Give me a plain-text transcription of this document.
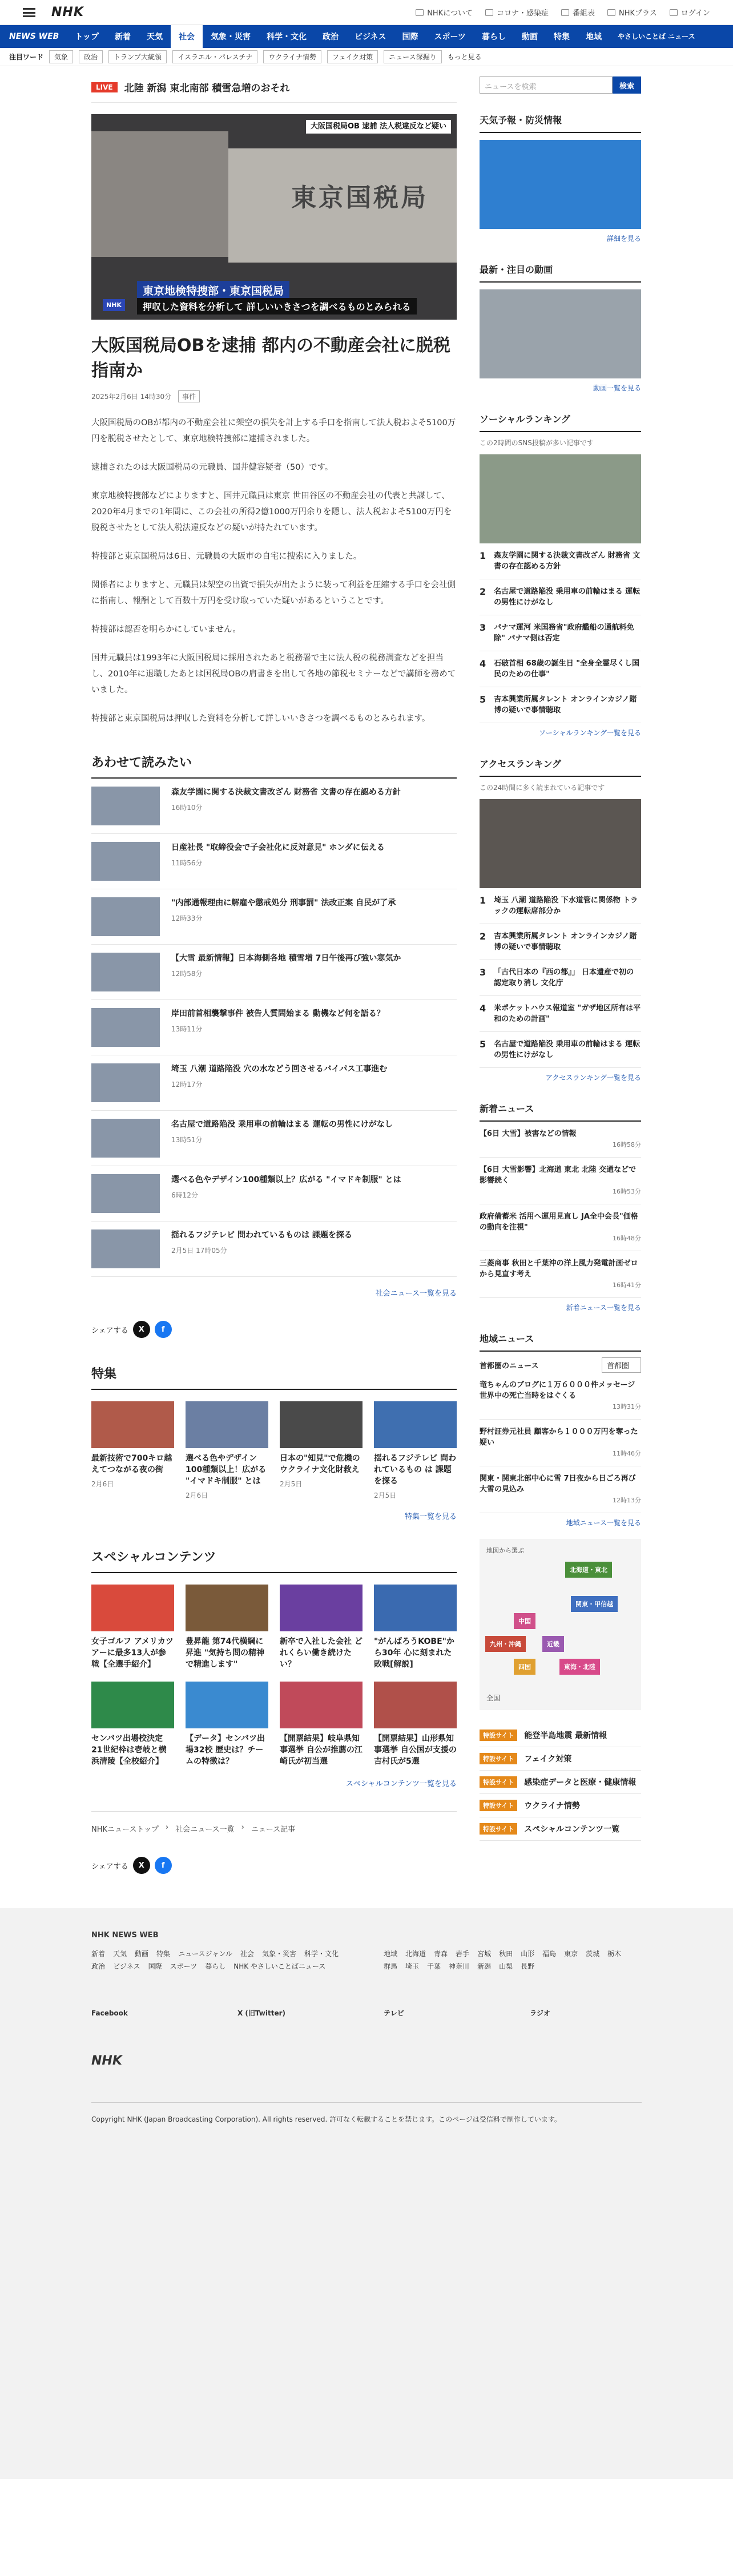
NHK	NHKについて	コロナ・感染症	番組表	NHKプラス	ログイン
NEWS WEB	トップ	新着	天気	社会	気象・災害	科学・文化	政治	ビジネス	国際	スポーツ	暮らし	動画	特集	地域	やさしいことば ニュース
注目ワード	気象	政治	トランプ大統領	イスラエル・パレスチナ	ウクライナ情勢	フェイク対策	ニュース深掘り	もっと見る
LIVE	北陸 新潟 東北南部 積雪急増のおそれ
東京国税局
大阪国税局OB 逮捕 法人税違反など疑い
NHK
東京地検特捜部・東京国税局
押収した資料を分析して 詳しいいきさつを調べるものとみられる
大阪国税局OBを逮捕 都内の不動産会社に脱税指南か
2025年2月6日 14時30分	事件

大阪国税局のOBが都内の不動産会社に架空の損失を計上する手口を指南して法人税およそ5100万円を脱税させたとして、東京地検特捜部に逮捕されました。

逮捕されたのは大阪国税局の元職員、国井健容疑者（50）です。

東京地検特捜部などによりますと、国井元職員は東京 世田谷区の不動産会社の代表と共謀して、2020年4月までの1年間に、この会社の所得2億1000万円余りを隠し、法人税およそ5100万円を脱税させたとして法人税法違反などの疑いが持たれています。

特捜部と東京国税局は6日、元職員の大阪市の自宅に捜索に入りました。

関係者によりますと、元職員は架空の出資で損失が出たように装って利益を圧縮する手口を会社側に指南し、報酬として百数十万円を受け取っていた疑いがあるということです。

特捜部は認否を明らかにしていません。

国井元職員は1993年に大阪国税局に採用されたあと税務署で主に法人税の税務調査などを担当し、2010年に退職したあとは国税局OBの肩書きを出して各地の節税セミナーなどで講師を務めていました。

特捜部と東京国税局は押収した資料を分析して詳しいいきさつを調べるものとみられます。

あわせて読みたい
森友学園に関する決裁文書改ざん 財務省 文書の存在認める方針
16時10分
日産社長 "取締役会で子会社化に反対意見" ホンダに伝える
11時56分
"内部通報理由に解雇や懲戒処分 刑事罰" 法改正案 自民が了承
12時33分
【大雪 最新情報】日本海側各地 積雪増 7日午後再び強い寒気か
12時58分
岸田前首相襲撃事件 被告人質問始まる 動機など何を語る？
13時11分
埼玉 八潮 道路陥没 穴の水などう回させるバイパス工事進む
12時17分
名古屋で道路陥没 乗用車の前輪はまる 運転の男性にけがなし
13時51分
選べる色やデザイン100種類以上？広がる "イマドキ制服" とは
6時12分
揺れるフジテレビ 問われているものは 課題を探る
2月5日 17時05分
社会ニュース一覧を見る
シェアする	X	f
特集
最新技術で700キロ越えてつながる夜の街
2月6日
選べる色やデザイン100種類以上！広がる "イマドキ制服" とは
2月6日
日本の"知見"で危機のウクライナ文化財救え
2月5日
揺れるフジテレビ 問われているもの は 課題を探る
2月5日
特集一覧を見る
スペシャルコンテンツ
女子ゴルフ アメリカツアーに最多13人が参戦【全選手紹介】
豊昇龍 第74代横綱に昇進 "気持ち問の精神で精進します"
新卒で入社した会社 どれくらい働き続けたい？
"がんばろうKOBE"から30年 心に刻まれた敗戦[解説]
センバツ出場校決定 21世紀枠は壱岐と横浜清陵【全校紹介】
【データ】センバツ出場32校 歴史は？チームの特徴は？
【開票結果】岐阜県知事選挙 自公が推薦の江崎氏が初当選
【開票結果】山形県知事選挙 自公国が支援の吉村氏が5選
スペシャルコンテンツ一覧を見る
NHKニューストップ › 社会ニュース一覧 › ニュース記事
シェアする	X	f
ニュースを検索	検索
天気予報・防災情報
詳細を見る
最新・注目の動画
動画一覧を見る
ソーシャルランキング
この2時間のSNS投稿が多い記事です
1 森友学園に関する決裁文書改ざん 財務省 文書の存在認める方針
2 名古屋で道路陥没 乗用車の前輪はまる 運転の男性にけがなし
3 パナマ運河 米国務省"政府艦船の通航料免除" パナマ側は否定
4 石破首相 68歳の誕生日 "全身全霊尽くし国民のための仕事"
5 吉本興業所属タレント オンラインカジノ賭博の疑いで事情聴取
ソーシャルランキング一覧を見る
アクセスランキング
この24時間に多く読まれている記事です
1 埼玉 八潮 道路陥没 下水道管に関係物 トラックの運転席部分か
2 吉本興業所属タレント オンラインカジノ賭博の疑いで事情聴取
3 「古代日本の『西の都』」 日本遺産で初の認定取り消し 文化庁
4 米ポケットハウス報道室 "ガザ地区所有は平和のための計画"
5 名古屋で道路陥没 乗用車の前輪はまる 運転の男性にけがなし
アクセスランキング一覧を見る
新着ニュース
【6日 大雪】被害などの情報
16時58分
【6日 大雪影響】北海道 東北 北陸 交通などで影響続く
16時53分
政府備蓄米 活用へ運用見直し JA全中会長"価格の動向を注視"
16時48分
三菱商事 秋田と千葉沖の洋上風力発電計画ゼロから見直す考え
16時41分
新着ニュース一覧を見る
地域ニュース
首都圏のニュース	首都圏
竜ちゃんのブログに１万６０００件メッセージ 世界中の死亡当時をはぐくる
13時31分
野村証券元社員 顧客から１０００万円を奪った疑い
11時46分
関東・関東北部中心に雪 7日夜から日ごろ再び大雪の見込み
12時13分
地域ニュース一覧を見る
地図から選ぶ
北海道・東北
関東・甲信越
中国
九州・沖縄
四国	東海・北陸
近畿
全国
特設サイト	能登半島地震 最新情報
特設サイト	フェイク対策
特設サイト	感染症データと医療・健康情報
特設サイト	ウクライナ情勢
特設サイト	スペシャルコンテンツ一覧
NHK NEWS WEB
新着 天気 動画 特集 ニュースジャンル 社会 気象・災害 科学・文化政治 ビジネス 国際 スポーツ 暮らし NHK やさしいことばニュース
地域 北海道 青森 岩手 宮城 秋田 山形 福島 東京 茨城 栃木群馬 埼玉 千葉 神奈川 新潟 山梨 長野
Facebook	X (旧Twitter)	テレビ	ラジオ
NHK
Copyright NHK (Japan Broadcasting Corporation). All rights reserved. 許可なく転載することを禁じます。このページは受信料で制作しています。
